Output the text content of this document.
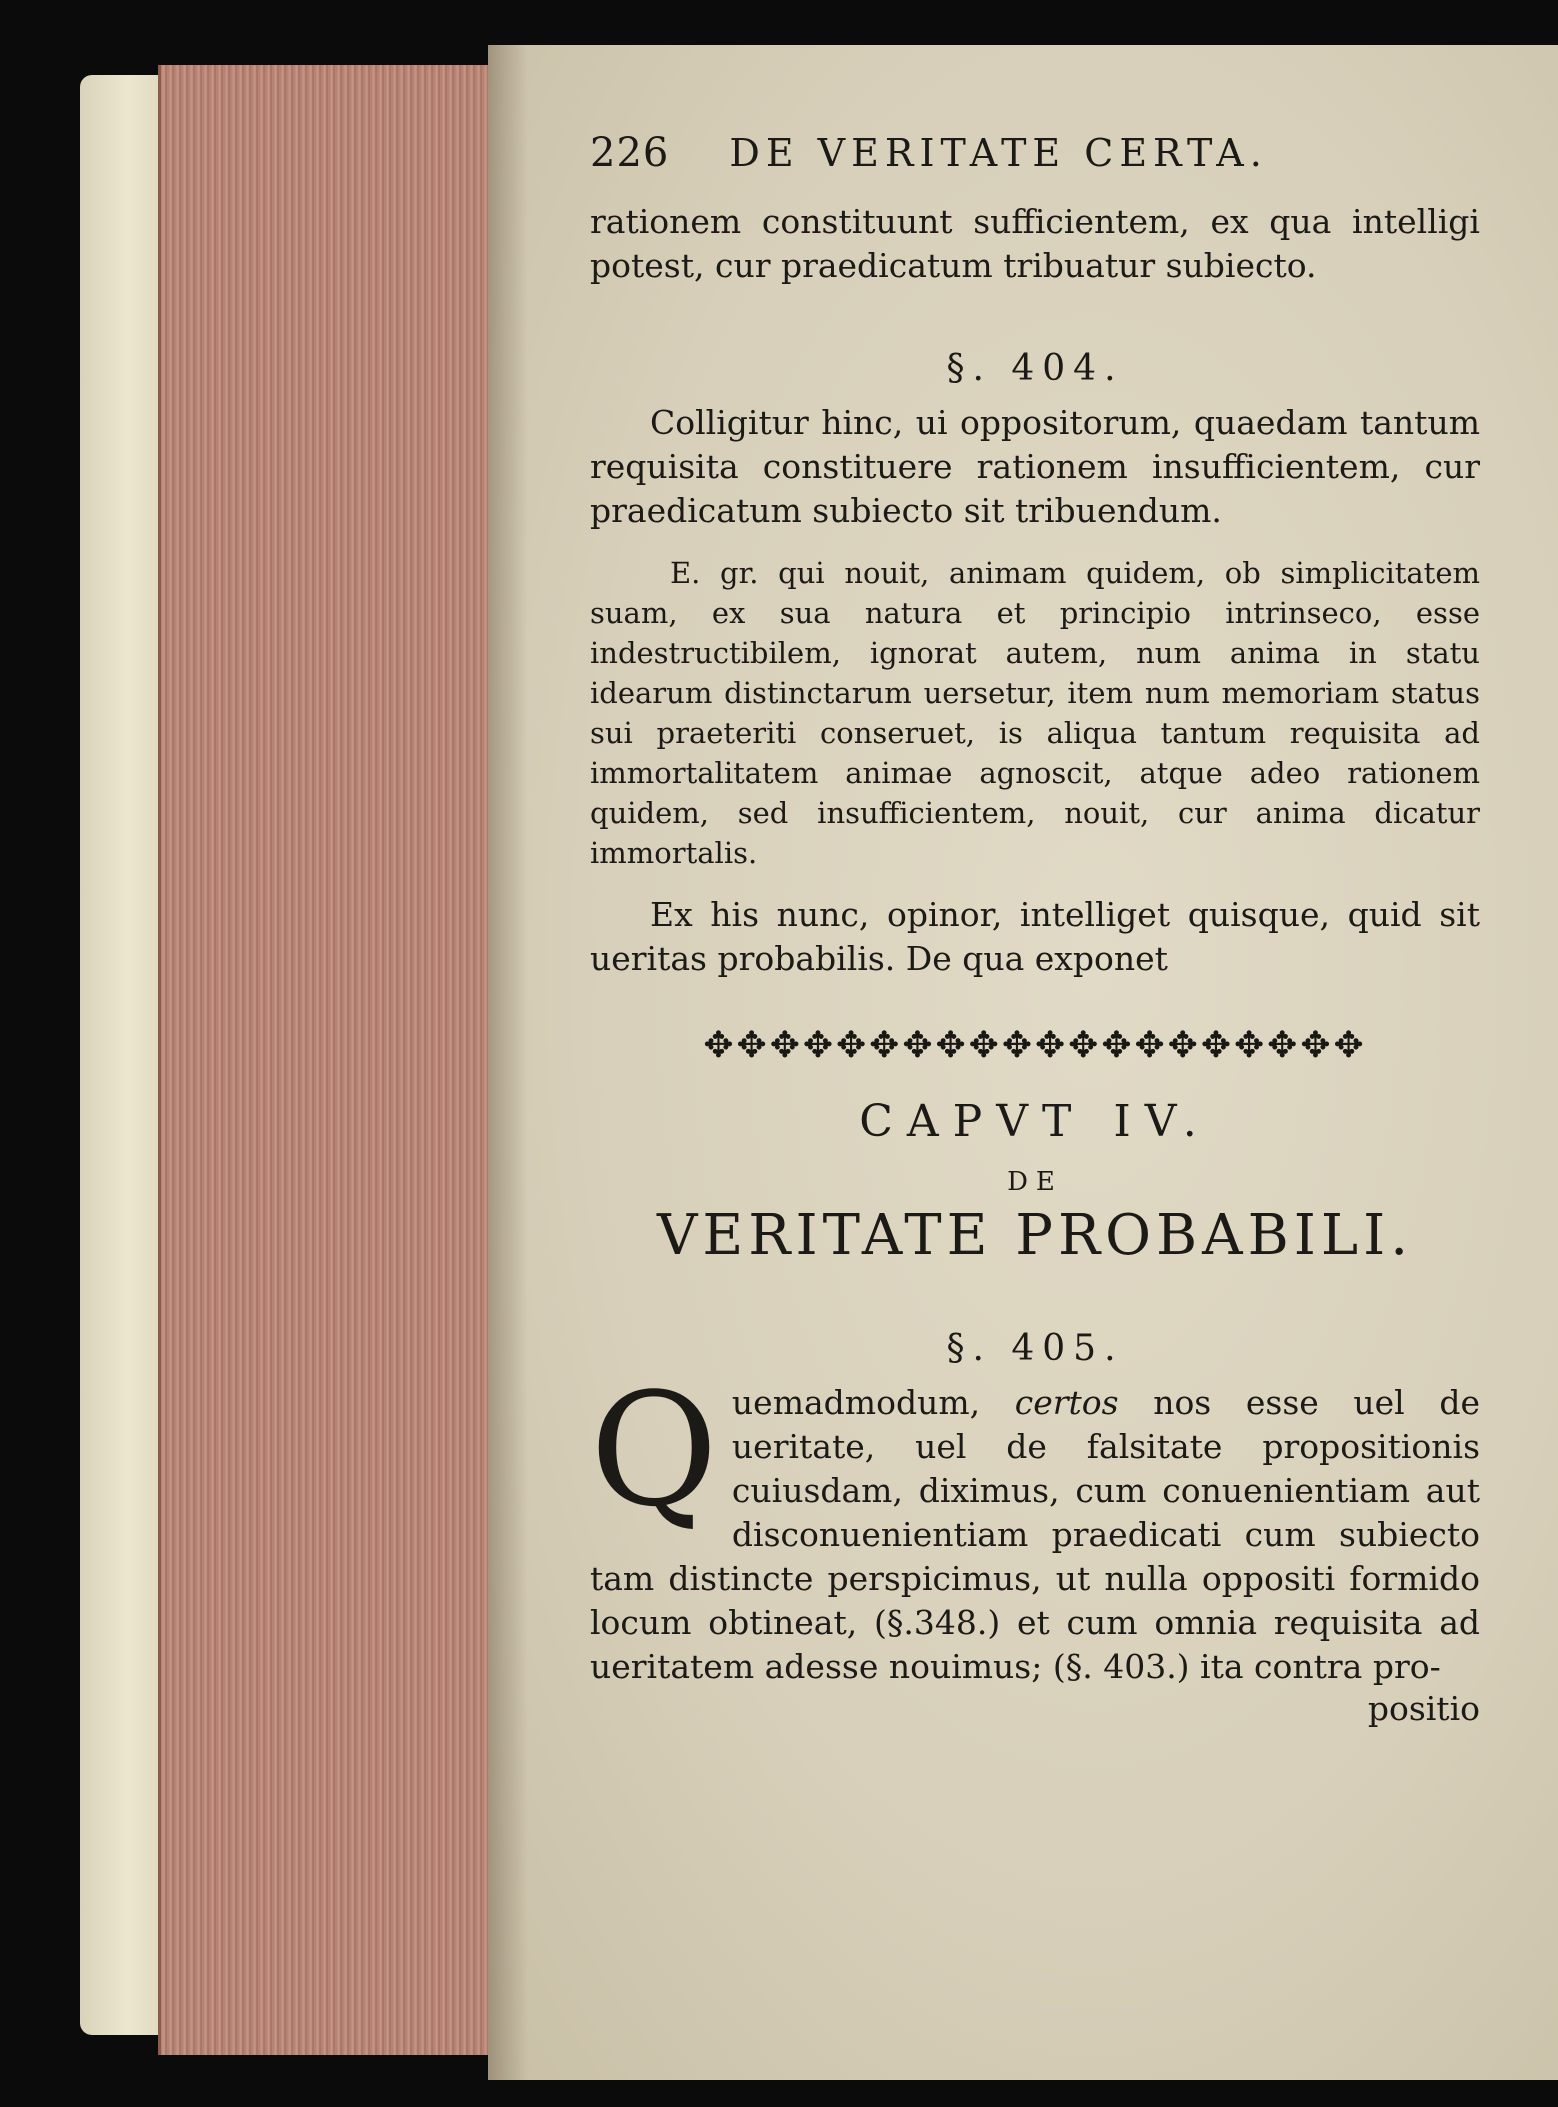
226 DE VERITATE CERTA.
rationem constituunt sufficientem, ex qua intelligi potest, cur praedicatum tribuatur subiecto.
§. 404.
Colligitur hinc, ui oppositorum, quaedam tantum requisita constituere rationem insufficientem, cur praedicatum subiecto sit tribuendum.
E. gr. qui nouit, animam quidem, ob simplicitatem suam, ex sua natura et principio intrinseco, esse indestructibilem, ignorat autem, num anima in statu idearum distinctarum uersetur, item num memoriam status sui praeteriti conseruet, is aliqua tantum requisita ad immortalitatem animae agnoscit, atque adeo rationem quidem, sed insufficientem, nouit, cur anima dicatur immortalis.
Ex his nunc, opinor, intelliget quisque, quid sit ueritas probabilis. De qua exponet
✥✥✥✥✥✥✥✥✥✥✥✥✥✥✥✥✥✥✥✥
CAPVT IV.
DE
VERITATE PROBABILI.
§. 405.
Quemadmodum, certos nos esse uel de ueritate, uel de falsitate propositionis cuiusdam, diximus, cum conuenientiam aut disconuenientiam praedicati cum subiecto tam distincte perspicimus, ut nulla oppositi formido locum obtineat, (§.348.) et cum omnia requisita ad ueritatem adesse nouimus; (§. 403.) ita contra pro-
positio
